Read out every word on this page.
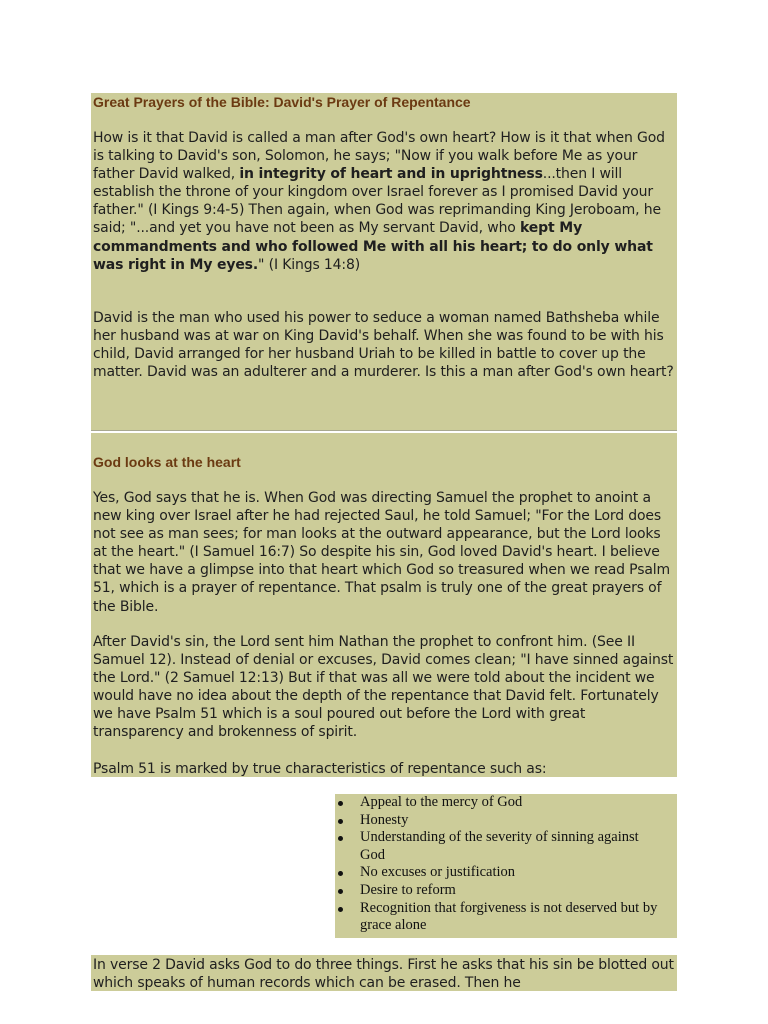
Great Prayers of the Bible: David's Prayer of Repentance

How is it that David is called a man after God's own heart? How is it that when God is talking to David's son, Solomon, he says; "Now if you walk before Me as your father David walked, in integrity of heart and in uprightness...then I will establish the throne of your kingdom over Israel forever as I promised David your father." (I Kings 9:4-5) Then again, when God was reprimanding King Jeroboam, he said; "...and yet you have not been as My servant David, who kept My commandments and who followed Me with all his heart; to do only what was right in My eyes." (I Kings 14:8)

David is the man who used his power to seduce a woman named Bathsheba while her husband was at war on King David's behalf. When she was found to be with his child, David arranged for her husband Uriah to be killed in battle to cover up the matter. David was an adulterer and a murderer. Is this a man after God's own heart?

God looks at the heart

Yes, God says that he is. When God was directing Samuel the prophet to anoint a new king over Israel after he had rejected Saul, he told Samuel; "For the Lord does not see as man sees; for man looks at the outward appearance, but the Lord looks at the heart." (I Samuel 16:7) So despite his sin, God loved David's heart. I believe that we have a glimpse into that heart which God so treasured when we read Psalm 51, which is a prayer of repentance. That psalm is truly one of the great prayers of the Bible.

After David's sin, the Lord sent him Nathan the prophet to confront him. (See II Samuel 12). Instead of denial or excuses, David comes clean; "I have sinned against the Lord." (2 Samuel 12:13) But if that was all we were told about the incident we would have no idea about the depth of the repentance that David felt. Fortunately we have Psalm 51 which is a soul poured out before the Lord with great transparency and brokenness of spirit.

Psalm 51 is marked by true characteristics of repentance such as:

Appeal to the mercy of God
Honesty
Understanding of the severity of sinning against God
No excuses or justification
Desire to reform
Recognition that forgiveness is not deserved but by grace alone

In verse 2 David asks God to do three things. First he asks that his sin be blotted out which speaks of human records which can be erased. Then he
